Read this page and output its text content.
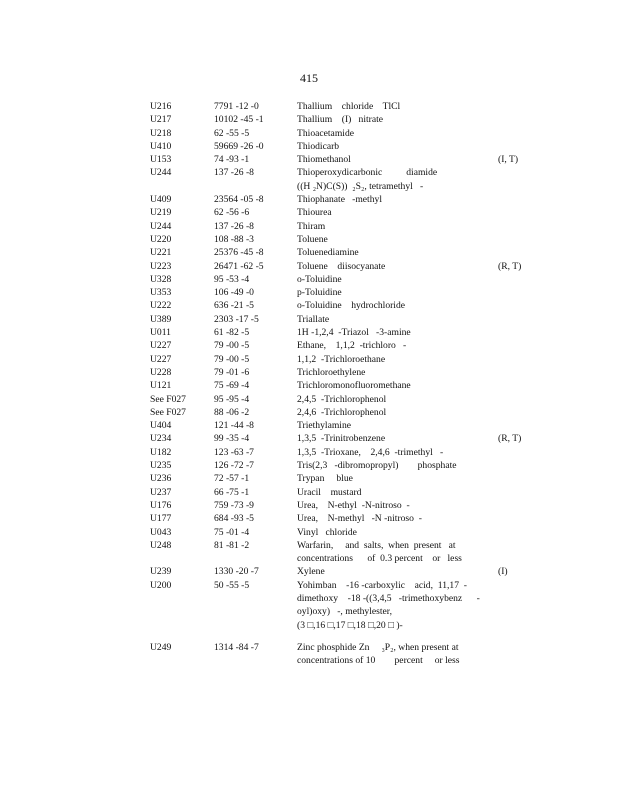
415
U216	7791 -12 -0	Thallium    chloride    TlCl
U217	10102 -45 -1	Thallium    (I)   nitrate
U218	62 -55 -5	Thioacetamide
U410	59669 -26 -0	Thiodicarb
U153	74 -93 -1	Thiomethanol	(I, T)
U244	137 -26 -8	Thioperoxydicarbonic          diamide
((H ₂N)C(S))  ₂S₂, tetramethyl   -
U409	23564 -05 -8	Thiophanate   -methyl
U219	62 -56 -6	Thiourea
U244	137 -26 -8	Thiram
U220	108 -88 -3	Toluene
U221	25376 -45 -8	Toluenediamine
U223	26471 -62 -5	Toluene    diisocyanate	(R, T)
U328	95 -53 -4	o-Toluidine
U353	106 -49 -0	p-Toluidine
U222	636 -21 -5	o-Toluidine    hydrochloride
U389	2303 -17 -5	Triallate
U011	61 -82 -5	1H -1,2,4  -Triazol   -3-amine
U227	79 -00 -5	Ethane,    1,1,2  -trichloro   -
U227	79 -00 -5	1,1,2  -Trichloroethane
U228	79 -01 -6	Trichloroethylene
U121	75 -69 -4	Trichloromonofluoromethane
See F027	95 -95 -4	2,4,5  -Trichlorophenol
See F027	88 -06 -2	2,4,6  -Trichlorophenol
U404	121 -44 -8	Triethylamine
U234	99 -35 -4	1,3,5  -Trinitrobenzene	(R, T)
U182	123 -63 -7	1,3,5  -Trioxane,    2,4,6  -trimethyl   -
U235	126 -72 -7	Tris(2,3   -dibromopropyl)        phosphate
U236	72 -57 -1	Trypan     blue
U237	66 -75 -1	Uracil    mustard
U176	759 -73 -9	Urea,    N-ethyl  -N-nitroso  -
U177	684 -93 -5	Urea,    N-methyl   -N -nitroso  -
U043	75 -01 -4	Vinyl   chloride
U248	81 -81 -2	Warfarin,     and  salts,  when  present   at
concentrations      of  0.3 percent    or   less
U239	1330 -20 -7	Xylene	(I)
U200	50 -55 -5	Yohimban    -16 -carboxylic    acid,  11,17  -
dimethoxy    -18 -((3,4,5   -trimethoxybenz      -
oyl)oxy)   -, methylester,
(3 □,16 □,17 □,18 □,20 □ )-
U249	1314 -84 -7	Zinc phosphide Zn     ₃P₂, when present at
concentrations of 10        percent     or less
